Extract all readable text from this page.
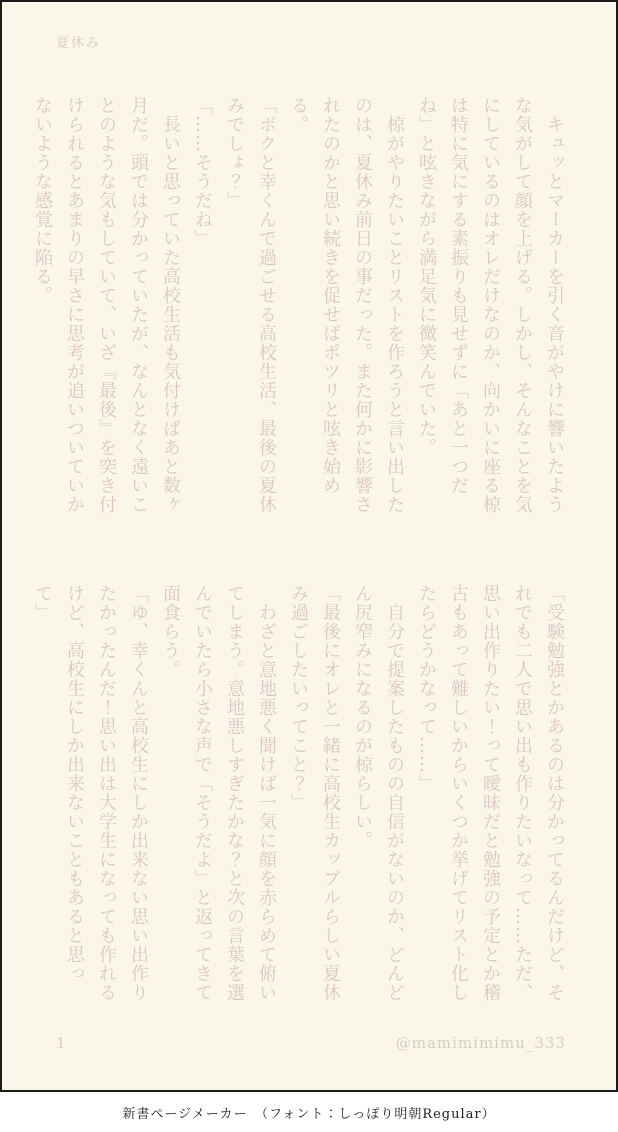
夏休み

　キュッとマーカーを引く音がやけに響いたような気がして顔を上げる。しかし、そんなことを気にしているのはオレだけなのか、向かいに座る椋は特に気にする素振りも見せずに「あと一つだね」と呟きながら満足気に微笑んでいた。

　椋がやりたいことリストを作ろうと言い出したのは、夏休み前日の事だった。また何かに影響されたのかと思い続きを促せばポツリと呟き始める。

「ボクと幸くんで過ごせる高校生活、最後の夏休みでしょ？」

「……そうだね」

　長いと思っていた高校生活も気付けばあと数ヶ月だ。頭では分かっていたが、なんとなく遠いことのような気もしていて、いざ『最後』を突き付けられるとあまりの早さに思考が追いついていかないような感覚に陥る。

「受験勉強とかあるのは分かってるんだけど、それでも二人で思い出も作りたいなって……ただ、思い出作りたい！って曖昧だと勉強の予定とか稽古もあって難しいからいくつか挙げてリスト化したらどうかなって……」

　自分で提案したものの自信がないのか、どんどん尻窄みになるのが椋らしい。

「最後にオレと一緒に高校生カップルらしい夏休み過ごしたいってこと？」

　わざと意地悪く聞けば一気に顔を赤らめて俯いてしまう。意地悪しすぎたかな？と次の言葉を選んでいたら小さな声で「そうだよ」と返ってきて面食らう。

「ゆ、幸くんと高校生にしか出来ない思い出作りたかったんだ！思い出は大学生になっても作れるけど、高校生にしか出来ないこともあると思って」

1	@mamimimimu_333
新書ページメーカー　（フォント：しっぽり明朝Regular）
